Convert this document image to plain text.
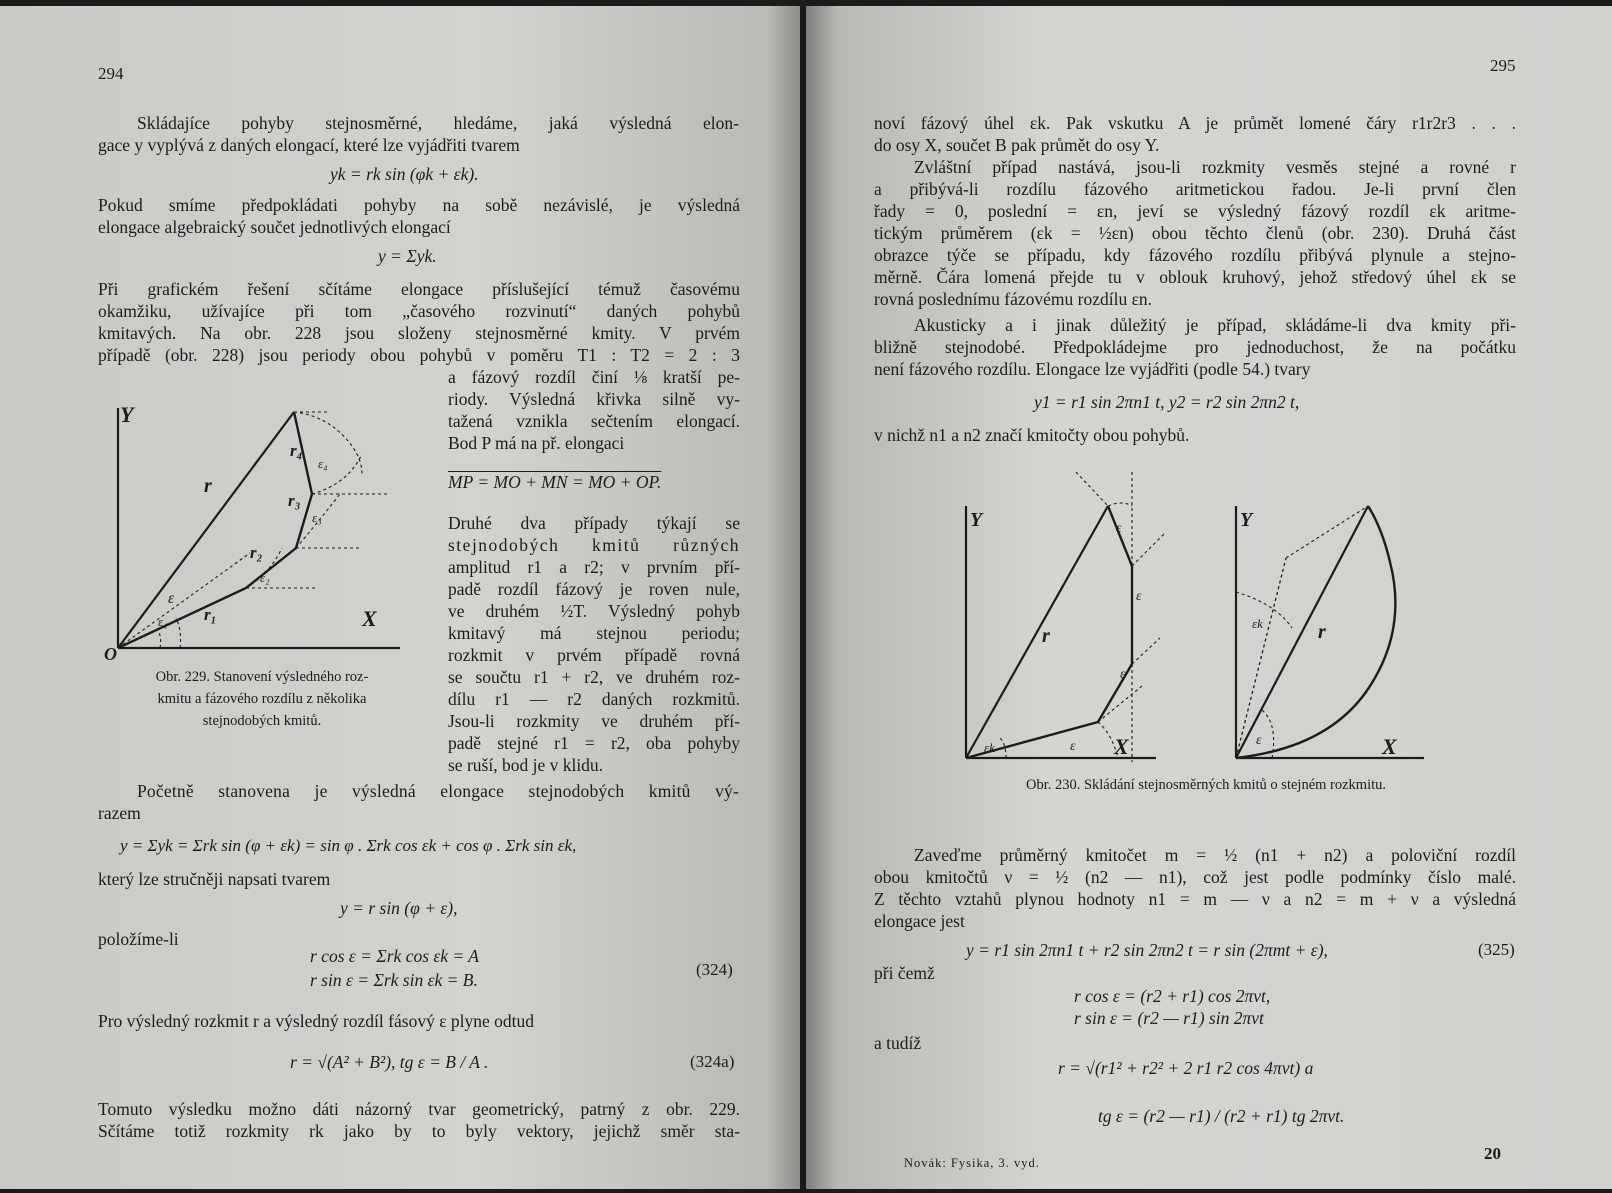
294
Skládajíce pohyby stejnosměrné, hledáme, jaká výsledná elon-
gace y vyplývá z daných elongací, které lze vyjádřiti tvarem
yk = rk sin (φk + εk).
Pokud smíme předpokládati pohyby na sobě nezávislé, je výsledná
elongace algebraický součet jednotlivých elongací
y = Σyk.
Při grafickém řešení sčítáme elongace příslušející témuž časovému
okamžiku, užívajíce při tom „časového rozvinutí“ daných pohybů
kmitavých. Na obr. 228 jsou složeny stejnosměrné kmity. V prvém
případě (obr. 228) jsou periody obou pohybů v poměru T1 : T2 = 2 : 3
a fázový rozdíl činí ⅛ kratší pe-
riody. Výsledná křivka silně vy-
tažená vznikla sečtením elongací.
Bod P má na př. elongaci
MP = MO + MN = MO + OP.
Druhé dva případy týkají se
stejnodobých kmitů různých
amplitud r1 a r2; v prvním pří-
padě rozdíl fázový je roven nule,
ve druhém ½T. Výsledný pohyb
kmitavý má stejnou periodu;
rozkmit v prvém případě rovná
se součtu r1 + r2, ve druhém roz-
dílu r1 — r2 daných rozkmitů.
Jsou-li rozkmity ve druhém pří-
padě stejné r1 = r2, oba pohyby
se ruší, bod je v klidu.
Y
X
O
r
r₁
r₂
r₃
r₄
ε
ε₁
ε₂
ε₃
ε₄
Obr. 229. Stanovení výsledného roz-
kmitu a fázového rozdílu z několika
stejnodobých kmitů.
Početně stanovena je výsledná elongace stejnodobých kmitů vý-
razem
y = Σyk = Σrk sin (φ + εk) = sin φ . Σrk cos εk + cos φ . Σrk sin εk,
který lze stručněji napsati tvarem
y = r sin (φ + ε),
položíme-li
r cos ε = Σrk cos εk = A
r sin ε = Σrk sin εk = B.
(324)
Pro výsledný rozkmit r a výsledný rozdíl fásový ε plyne odtud
r = √(A² + B²), tg ε = B / A .	(324a)
Tomuto výsledku možno dáti názorný tvar geometrický, patrný z obr. 229.
Sčítáme totiž rozkmity rk jako by to byly vektory, jejichž směr sta-
295
noví fázový úhel εk. Pak vskutku A je průmět lomené čáry r1r2r3 . . .
do osy X, součet B pak průmět do osy Y.
Zvláštní případ nastává, jsou-li rozkmity vesměs stejné a rovné r
a přibývá-li rozdílu fázového aritmetickou řadou. Je-li první člen
řady = 0, poslední = εn, jeví se výsledný fázový rozdíl εk aritme-
tickým průměrem (εk = ½εn) obou těchto členů (obr. 230). Druhá část
obrazce týče se případu, kdy fázového rozdílu přibývá plynule a stejno-
měrně. Čára lomená přejde tu v oblouk kruhový, jehož středový úhel εk se
rovná poslednímu fázovému rozdílu εn.
Akusticky a i jinak důležitý je případ, skládáme-li dva kmity při-
bližně stejnodobé. Předpokládejme pro jednoduchost, že na počátku
není fázového rozdílu. Elongace lze vyjádřiti (podle 54.) tvary
y1 = r1 sin 2πn1 t, y2 = r2 sin 2πn2 t,
v nichž n1 a n2 značí kmitočty obou pohybů.
Y
X
r
ε
ε
ε
ε
εk
Y
X
r
εk
ε
Obr. 230. Skládání stejnosměrných kmitů o stejném rozkmitu.
Zaveďme průměrný kmitočet m = ½ (n1 + n2) a poloviční rozdíl
obou kmitočtů ν = ½ (n2 — n1), což jest podle podmínky číslo malé.
Z těchto vztahů plynou hodnoty n1 = m — ν a n2 = m + ν a výsledná
elongace jest
y = r1 sin 2πn1 t + r2 sin 2πn2 t = r sin (2πmt + ε),	(325)
při čemž
r cos ε = (r2 + r1) cos 2πνt,
r sin ε = (r2 — r1) sin 2πνt
a tudíž
r = √(r1² + r2² + 2 r1 r2 cos 4πνt) a
tg ε = (r2 — r1) / (r2 + r1) tg 2πνt.
Novák: Fysika, 3. vyd.	20
